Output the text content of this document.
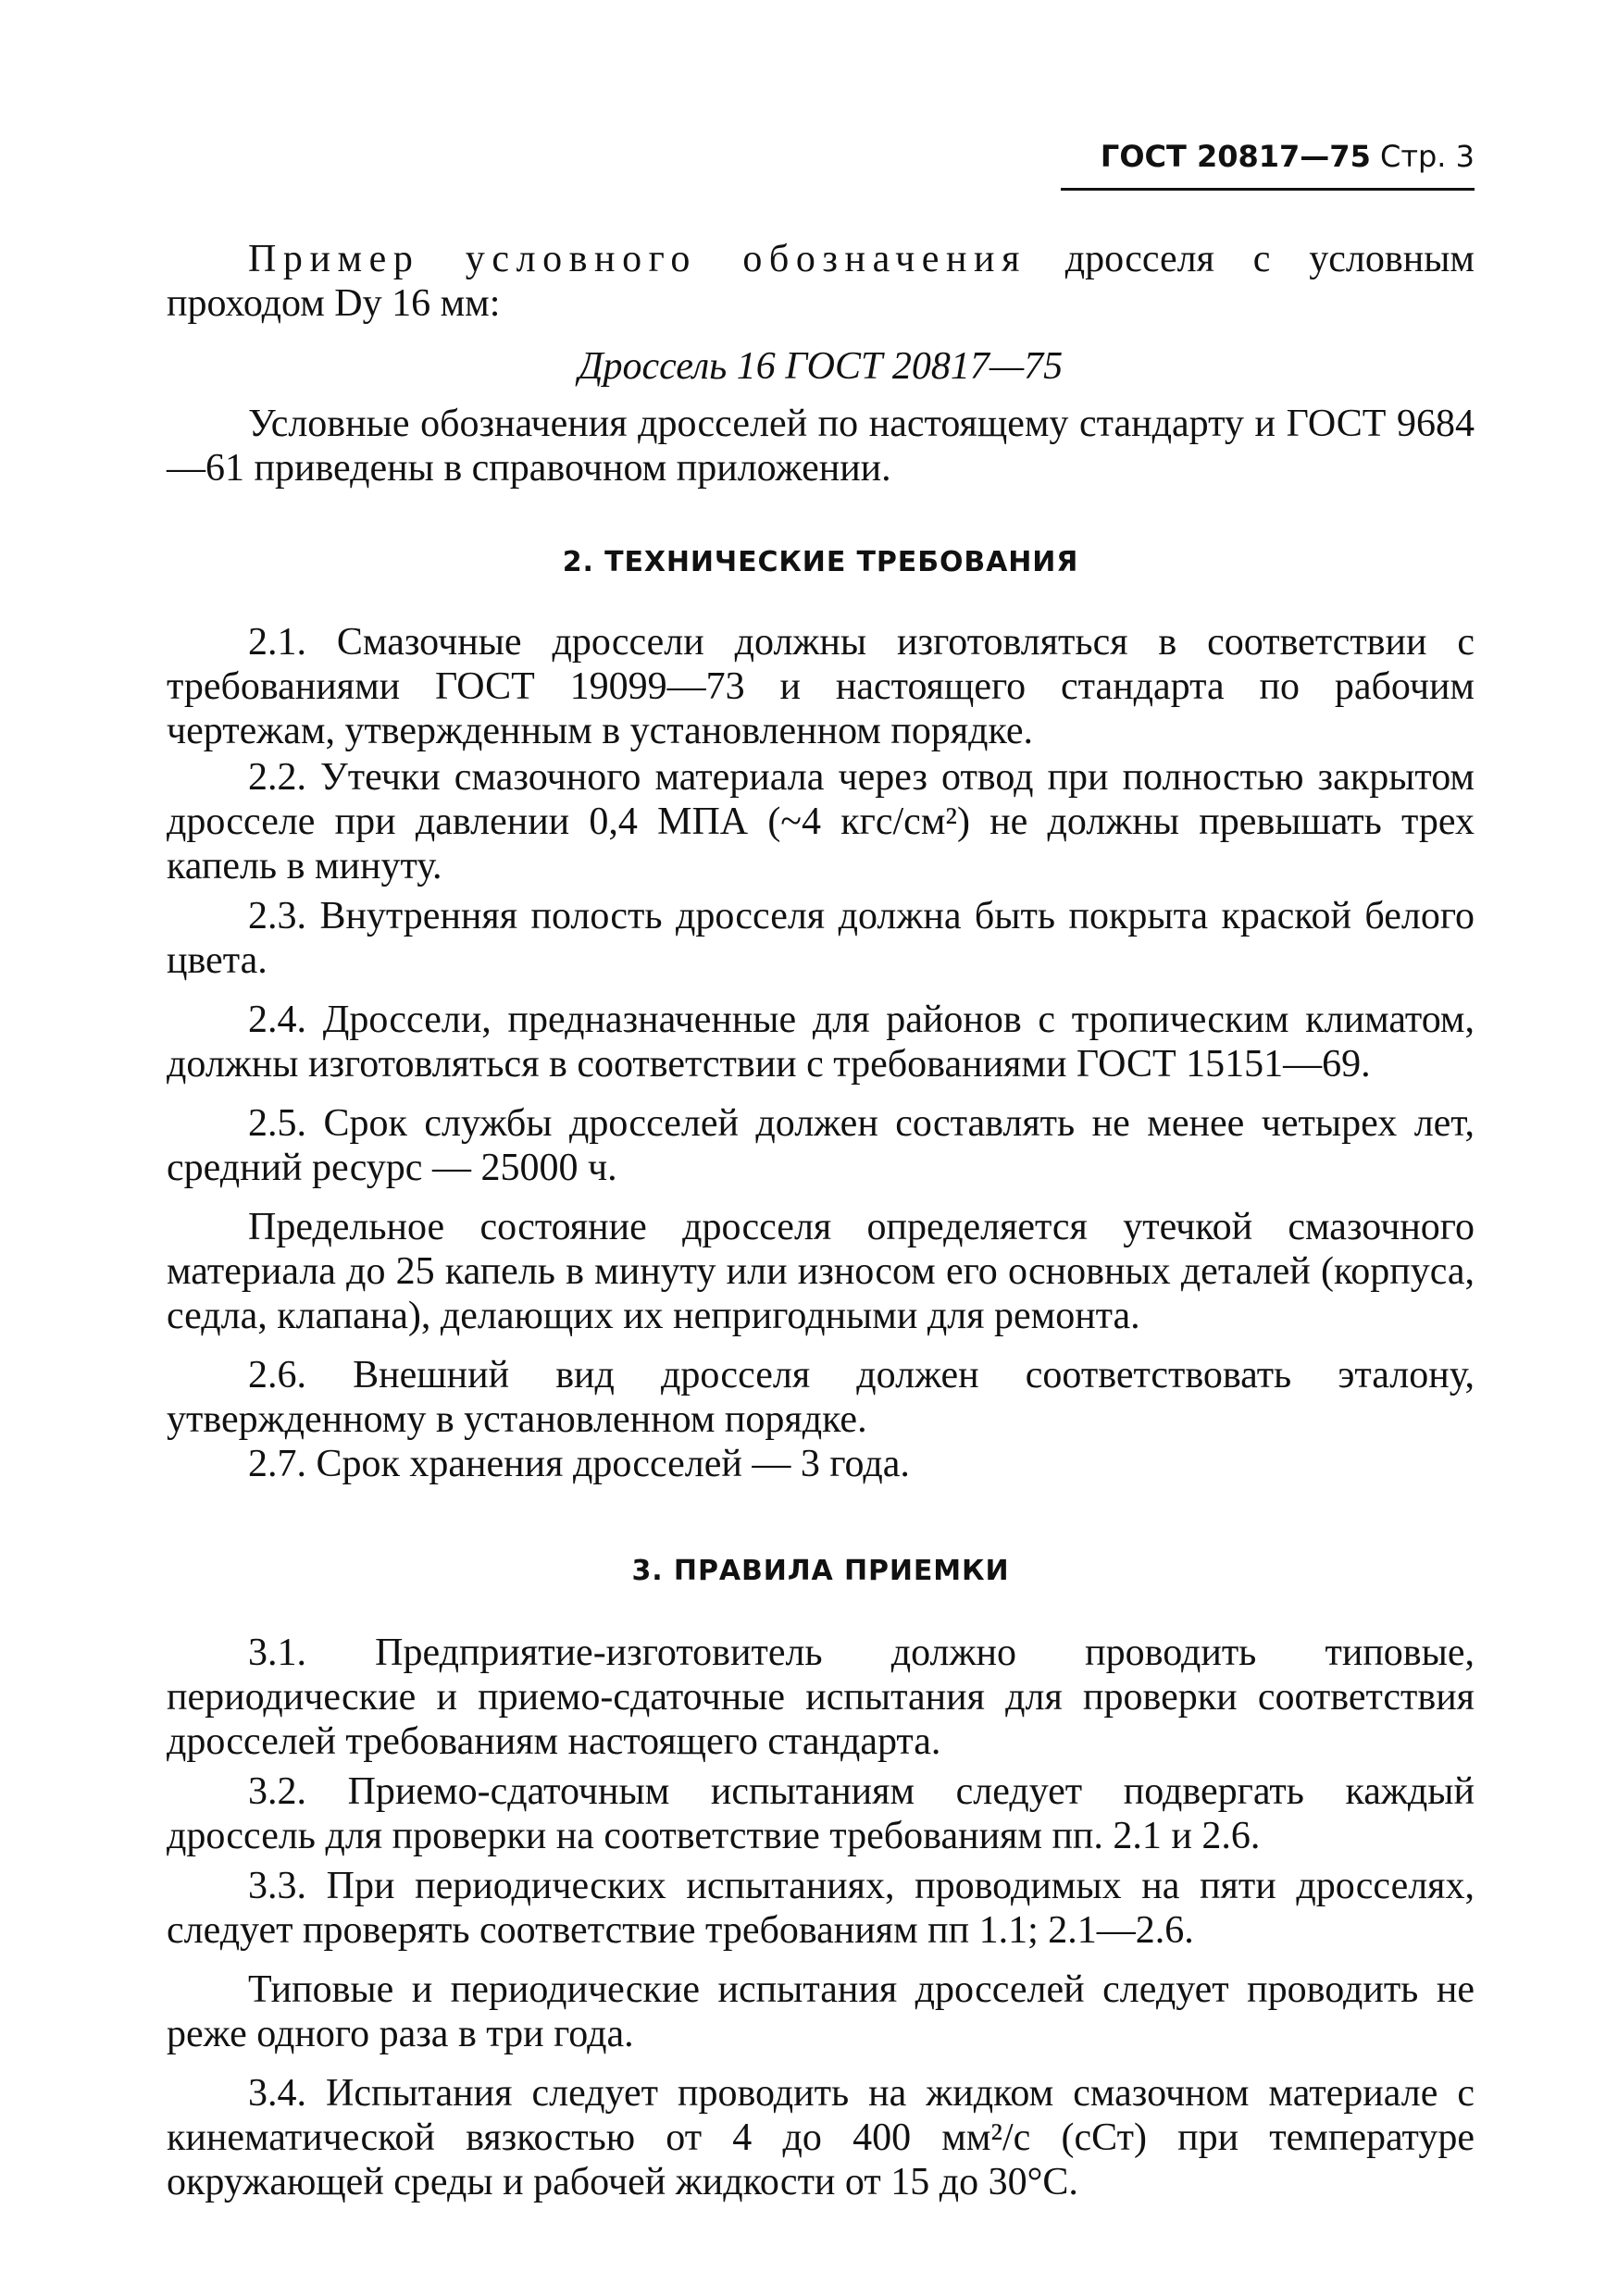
ГОСТ 20817—75 Стр. 3

Пример условного обозначения дросселя с условным проходом Dу 16 мм:

Дроссель 16 ГОСТ 20817—75

Условные обозначения дросселей по настоящему стандарту и ГОСТ 9684—61 приведены в справочном приложении.

2. ТЕХНИЧЕСКИЕ ТРЕБОВАНИЯ

2.1. Смазочные дроссели должны изготовляться в соответствии с требованиями ГОСТ 19099—73 и настоящего стандарта по рабочим чертежам, утвержденным в установленном порядке.

2.2. Утечки смазочного материала через отвод при полностью закрытом дросселе при давлении 0,4 МПА (~4 кгс/см²) не должны превышать трех капель в минуту.

2.3. Внутренняя полость дросселя должна быть покрыта краской белого цвета.

2.4. Дроссели, предназначенные для районов с тропическим климатом, должны изготовляться в соответствии с требованиями ГОСТ 15151—69.

2.5. Срок службы дросселей должен составлять не менее четырех лет, средний ресурс — 25000 ч.

Предельное состояние дросселя определяется утечкой смазочного материала до 25 капель в минуту или износом его основных деталей (корпуса, седла, клапана), делающих их непригодными для ремонта.

2.6. Внешний вид дросселя должен соответствовать эталону, утвержденному в установленном порядке.

2.7. Срок хранения дросселей — 3 года.

3. ПРАВИЛА ПРИЕМКИ

3.1. Предприятие-изготовитель должно проводить типовые, периодические и приемо-сдаточные испытания для проверки соответствия дросселей требованиям настоящего стандарта.

3.2. Приемо-сдаточным испытаниям следует подвергать каждый дроссель для проверки на соответствие требованиям пп. 2.1 и 2.6.

3.3. При периодических испытаниях, проводимых на пяти дросселях, следует проверять соответствие требованиям пп 1.1; 2.1—2.6.

Типовые и периодические испытания дросселей следует проводить не реже одного раза в три года.

3.4. Испытания следует проводить на жидком смазочном материале с кинематической вязкостью от 4 до 400 мм²/с (сСт) при температуре окружающей среды и рабочей жидкости от 15 до 30°С.
